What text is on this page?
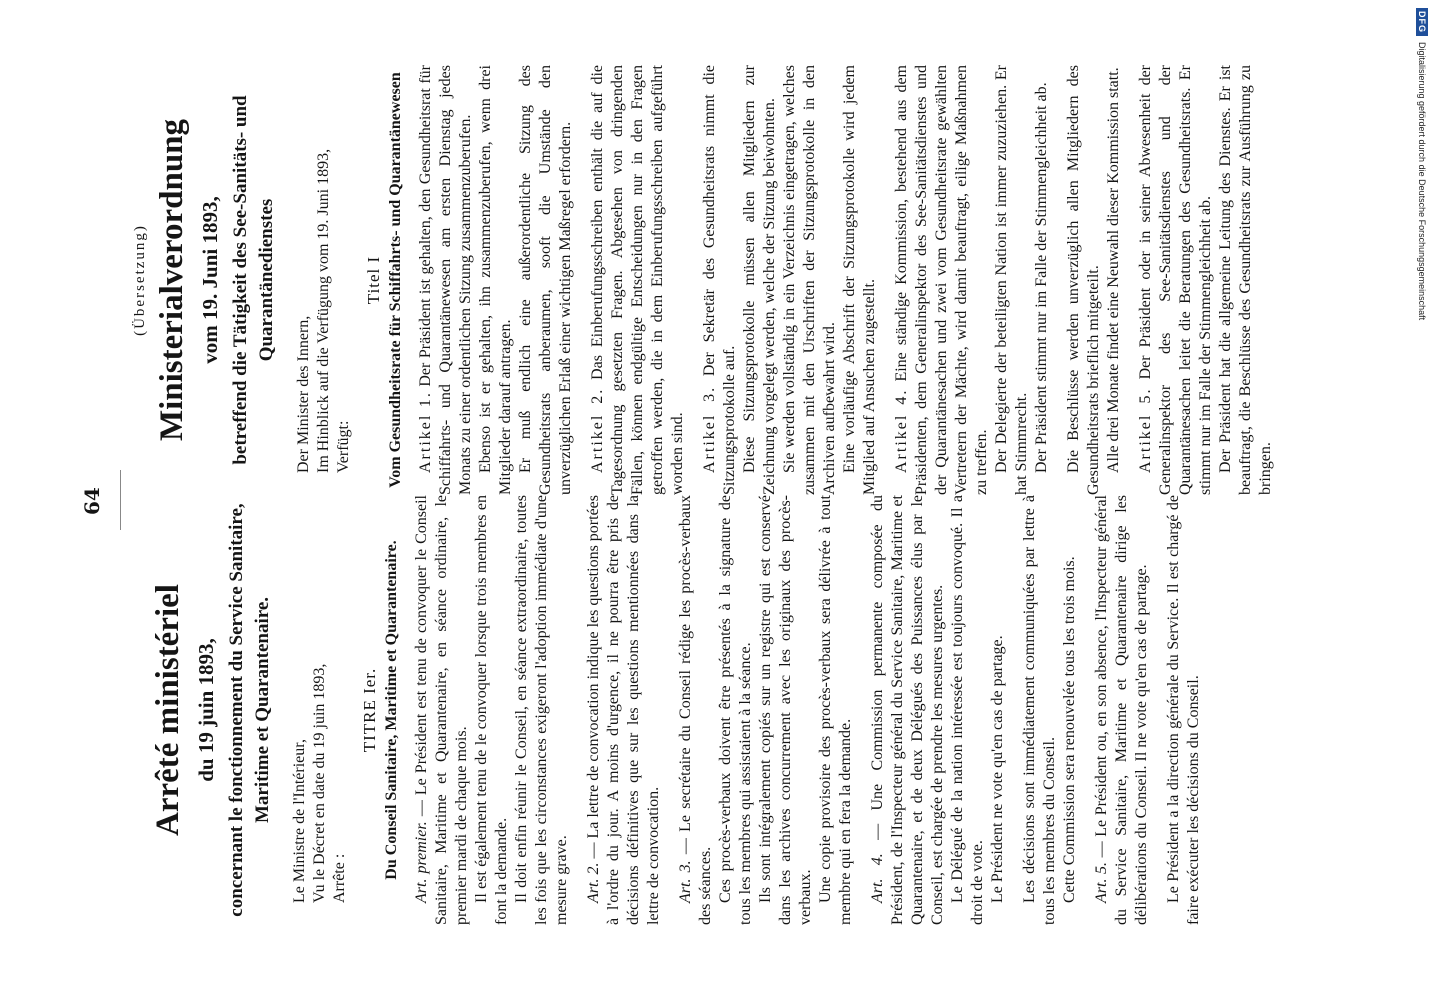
64
Arrêté ministériel du 19 juin 1893, concernant le fonctionnement du Service Sanitaire, Maritime et Quarantenaire. Le Ministre de l'Intérieur, Vu le Décret en date du 19 juin 1893, Arrête :

TITRE Ier. Du Conseil Sanitaire, Maritime et Quarantenaire. Art. premier. — Le Président est tenu de convoquer le Conseil Sanitaire, Maritime et Quarantenaire, en séance ordinaire, le premier mardi de chaque mois. Il est également tenu de le convoquer lorsque trois membres en font la demande. Il doit enfin réunir le Conseil, en séance extraordinaire, toutes les fois que les circonstances exigeront l'adoption immédiate d'une mesure grave. Art. 2. — La lettre de convocation indique les questions portées à l'ordre du jour. A moins d'urgence, il ne pourra être pris de décisions définitives que sur les questions mentionnées dans la lettre de convocation. Art. 3. — Le secrétaire du Conseil rédige les procès-verbaux des séances. Ces procès-verbaux doivent être présentés à la signature de tous les membres qui assistaient à la séance. Ils sont intégralement copiés sur un registre qui est conservé dans les archives concurrement avec les originaux des procès-verbaux. Une copie provisoire des procès-verbaux sera délivrée à tout membre qui en fera la demande. Art. 4. — Une Commission permanente composée du Président, de l'Inspecteur général du Service Sanitaire, Maritime et Quarantenaire, et de deux Délégués des Puissances élus par le Conseil, est chargée de prendre les mesures urgentes. Le Délégué de la nation intéressée est toujours convoqué. Il a droit de vote. Le Président ne vote qu'en cas de partage. Les décisions sont immédiatement communiquées par lettre à tous les membres du Conseil. Cette Commission sera renouvelée tous les trois mois. Art. 5. — Le Président ou, en son absence, l'Inspecteur général du Service Sanitaire, Maritime et Quarantenaire dirige les délibérations du Conseil. Il ne vote qu'en cas de partage. Le Président a la direction générale du Service. Il est chargé de faire exécuter les décisions du Conseil.

(Übersetzung) Ministerialverordnung vom 19. Juni 1893, betreffend die Tätigkeit des See-Sanitäts- und Quarantänedienstes

Der Minister des Innern, Im Hinblick auf die Verfügung vom 19. Juni 1893, Verfügt:

Titel I Vom Gesundheitsrate für Schiffahrts- und Quarantänewesen Artikel 1. Der Präsident ist gehalten, den Gesundheitsrat für Schiffahrts- und Quarantänewesen am ersten Dienstag jedes Monats zu einer ordentlichen Sitzung zusammenzuberufen. Ebenso ist er gehalten, ihn zusammenzuberufen, wenn drei Mitglieder darauf antragen. Er muß endlich eine außerordentliche Sitzung des Gesundheitsrats anberaumen, sooft die Umstände den unverzüglichen Erlaß einer wichtigen Maßregel erfordern. Artikel 2. Das Einberufungsschreiben enthält die auf die Tagesordnung gesetzten Fragen. Abgesehen von dringenden Fällen, können endgültige Entscheidungen nur in den Fragen getroffen werden, die in dem Einberufungsschreiben aufgeführt worden sind. Artikel 3. Der Sekretär des Gesundheitsrats nimmt die Sitzungsprotokolle auf. Diese Sitzungsprotokolle müssen allen Mitgliedern zur Zeichnung vorgelegt werden, welche der Sitzung beiwohnten. Sie werden vollständig in ein Verzeichnis eingetragen, welches zusammen mit den Urschriften der Sitzungsprotokolle in den Archiven aufbewahrt wird. Eine vorläufige Abschrift der Sitzungsprotokolle wird jedem Mitglied auf Ansuchen zugestellt. Artikel 4. Eine ständige Kommission, bestehend aus dem Präsidenten, dem Generalinspektor des See-Sanitätsdienstes und der Quarantänesachen und zwei vom Gesundheitsrate gewählten Vertretern der Mächte, wird damit beauftragt, eilige Maßnahmen zu treffen. Der Delegierte der beteiligten Nation ist immer zuzuziehen. Er hat Stimmrecht. Der Präsident stimmt nur im Falle der Stimmengleichheit ab. Die Beschlüsse werden unverzüglich allen Mitgliedern des Gesundheitsrats brieflich mitgeteilt. Alle drei Monate findet eine Neuwahl dieser Kommission statt. Artikel 5. Der Präsident oder in seiner Abwesenheit der Generalinspektor des See-Sanitätsdienstes und der Quarantänesachen leitet die Beratungen des Gesundheitsrats. Er stimmt nur im Falle der Stimmengleichheit ab. Der Präsident hat die allgemeine Leitung des Dienstes. Er ist beauftragt, die Beschlüsse des Gesundheitsrats zur Ausführung zu bringen.

DFGDigitalisierung gefördert durch die Deutsche Forschungsgemeinschaft
